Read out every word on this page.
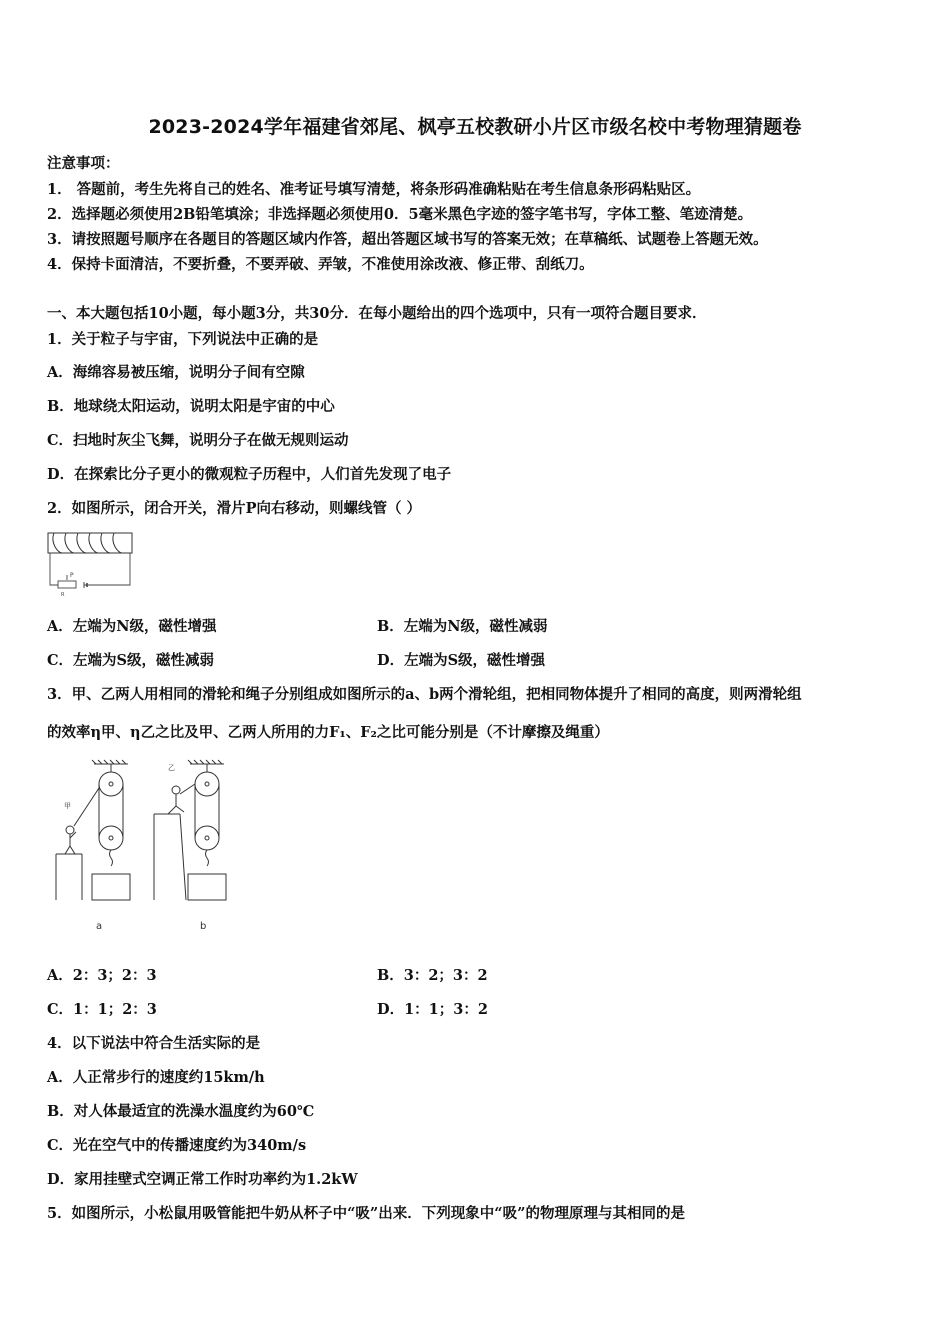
2023-2024学年福建省郊尾、枫亭五校教研小片区市级名校中考物理猜题卷
注意事项：
1． 答题前，考生先将自己的姓名、准考证号填写清楚，将条形码准确粘贴在考生信息条形码粘贴区。
2．选择题必须使用2B铅笔填涂；非选择题必须使用0．5毫米黑色字迹的签字笔书写，字体工整、笔迹清楚。
3．请按照题号顺序在各题目的答题区域内作答，超出答题区域书写的答案无效；在草稿纸、试题卷上答题无效。
4．保持卡面清洁，不要折叠，不要弄破、弄皱，不准使用涂改液、修正带、刮纸刀。
一、本大题包括10小题，每小题3分，共30分．在每小题给出的四个选项中，只有一项符合题目要求．
1．关于粒子与宇宙，下列说法中正确的是
A．海绵容易被压缩，说明分子间有空隙
B．地球绕太阳运动，说明太阳是宇宙的中心
C．扫地时灰尘飞舞，说明分子在做无规则运动
D．在探索比分子更小的微观粒子历程中，人们首先发现了电子
2．如图所示，闭合开关，滑片P向右移动，则螺线管（ ）
P
R
A．左端为N级，磁性增强	B．左端为N级，磁性减弱
C．左端为S级，磁性减弱	D．左端为S级，磁性增强
3．甲、乙两人用相同的滑轮和绳子分别组成如图所示的a、b两个滑轮组，把相同物体提升了相同的高度，则两滑轮组
的效率η甲、η乙之比及甲、乙两人所用的力F₁、F₂之比可能分别是（不计摩擦及绳重）
甲
a
乙
b
A．2：3；2：3	B．3：2；3：2
C．1：1；2：3	D．1：1；3：2
4．以下说法中符合生活实际的是
A．人正常步行的速度约15km/h
B．对人体最适宜的洗澡水温度约为60℃
C．光在空气中的传播速度约为340m/s
D．家用挂壁式空调正常工作时功率约为1.2kW
5．如图所示，小松鼠用吸管能把牛奶从杯子中“吸”出来．下列现象中“吸”的物理原理与其相同的是
